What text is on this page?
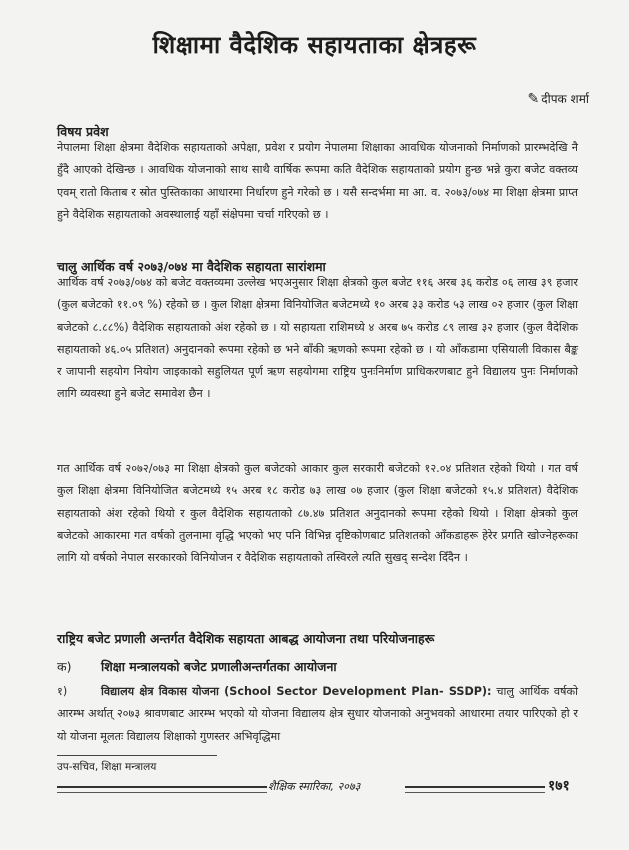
शिक्षामा वैदेशिक सहायताका क्षेत्रहरू
✎ दीपक शर्मा
विषय प्रवेश
नेपालमा शिक्षा क्षेत्रमा वैदेशिक सहायताको अपेक्षा, प्रवेश र प्रयोग नेपालमा शिक्षाका आवधिक योजनाको निर्माणको प्रारम्भदेखि नै हुँदै आएको देखिन्छ । आवधिक योजनाको साथ साथै वार्षिक रूपमा कति वैदेशिक सहायताको प्रयोग हुन्छ भन्ने कुरा बजेट वक्तव्य एवम् रातो किताब र स्रोत पुस्तिकाका आधारमा निर्धारण हुने गरेको छ । यसै सन्दर्भमा मा आ. व. २०७३/०७४ मा शिक्षा क्षेत्रमा प्राप्त हुने वैदेशिक सहायताको अवस्थालाई यहाँ संक्षेपमा चर्चा गरिएको छ ।
चालु आर्थिक वर्ष २०७३/०७४ मा वैदेशिक सहायता सारांशमा
आर्थिक वर्ष २०७३/०७४ को बजेट वक्तव्यमा उल्लेख भएअनुसार शिक्षा क्षेत्रको कुल बजेट ११६ अरब ३६ करोड ०६ लाख ३९ हजार (कुल बजेटको ११.०९ %) रहेको छ । कुल शिक्षा क्षेत्रमा विनियोजित बजेटमध्ये १० अरब ३३ करोड ५३ लाख ०२ हजार (कुल शिक्षा बजेटको ८.८८%) वैदेशिक सहायताको अंश रहेको छ । यो सहायता राशिमध्ये ४ अरब ७५ करोड ८९ लाख ३२ हजार (कुल वैदेशिक सहायताको ४६.०५ प्रतिशत) अनुदानको रूपमा रहेको छ भने बाँकी ऋणको रूपमा रहेको छ । यो आँकडामा एसियाली विकास बैङ्क र जापानी सहयोग नियोग जाइकाको सहुलियत पूर्ण ऋण सहयोगमा राष्ट्रिय पुनःनिर्माण प्राधिकरणबाट हुने विद्यालय पुनः निर्माणको लागि व्यवस्था हुने बजेट समावेश छैन ।
गत आर्थिक वर्ष २०७२/०७३ मा शिक्षा क्षेत्रको कुल बजेटको आकार कुल सरकारी बजेटको १२.०४ प्रतिशत रहेको थियो । गत वर्ष कुल शिक्षा क्षेत्रमा विनियोजित बजेटमध्ये १५ अरब १८ करोड ७३ लाख ०७ हजार (कुल शिक्षा बजेटको १५.४ प्रतिशत) वैदेशिक सहायताको अंश रहेको थियो र कुल वैदेशिक सहायताको ८७.४७ प्रतिशत अनुदानको रूपमा रहेको थियो । शिक्षा क्षेत्रको कुल बजेटको आकारमा गत वर्षको तुलनामा वृद्धि भएको भए पनि विभिन्न दृष्टिकोणबाट प्रतिशतको आँकडाहरू हेरेर प्रगति खोज्नेहरूका लागि यो वर्षको नेपाल सरकारको विनियोजन र वैदेशिक सहायताको तस्विरले त्यति सुखद् सन्देश दिँदैन ।
राष्ट्रिय बजेट प्रणाली अन्तर्गत वैदेशिक सहायता आबद्ध आयोजना तथा परियोजनाहरू
क) शिक्षा मन्त्रालयको बजेट प्रणालीअन्तर्गतका आयोजना
१)	विद्यालय क्षेत्र विकास योजना (School Sector Development Plan- SSDP): चालु आर्थिक वर्षको आरम्भ अर्थात् २०७३ श्रावणबाट आरम्भ भएको यो योजना विद्यालय क्षेत्र सुधार योजनाको अनुभवको आधारमा तयार पारिएको हो र यो योजना मूलतः विद्यालय शिक्षाको गुणस्तर अभिवृद्धिमा
उप-सचिव, शिक्षा मन्त्रालय
शैक्षिक स्मारिका, २०७३	१७१
